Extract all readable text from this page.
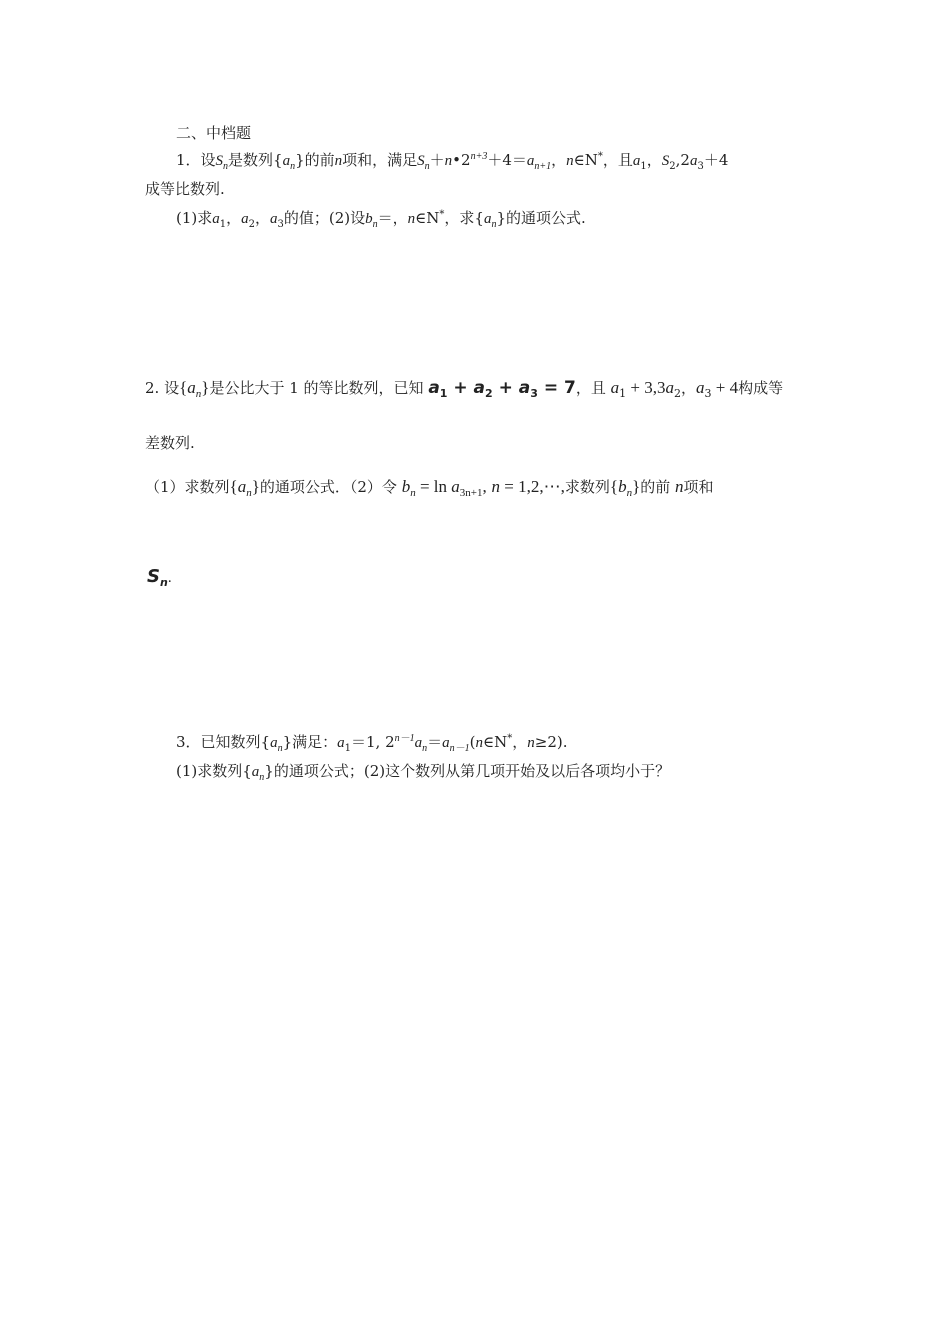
二、中档题
1．设$S_n$是数列$\{a_n\}$的前n项和，满足$S_n+n•2^{n+3}+4=a_{n+1}$，n∈N*，且$a_1$，$S_2,2a_3+4$
成等比数列.
(1)求$a_1$，$a_2$，$a_3$的值；(2)设$b_n=$，n∈N*，求$\{a_n\}$的通项公式.
2. 设$\{a_n\}$是公比大于 1 的等比数列，已知 $a_1 + a_2 + a_3 = 7$，且 $a_1 + 3,3a_2$，$a_3 + 4$构成等
差数列.
（1）求数列$\{a_n\}$的通项公式．（2）令 $b_n = \ln a_{3n+1}$, n = 1,2,⋯,求数列$\{b_n\}$的前 n项和
$S_n$.
3．已知数列$\{a_n\}$满足：$a_1=1$, $2^{n-1}a_n=a_{n-1}(n\in N^*$，n≥2).
(1)求数列$\{a_n\}$的通项公式；(2)这个数列从第几项开始及以后各项均小于？
